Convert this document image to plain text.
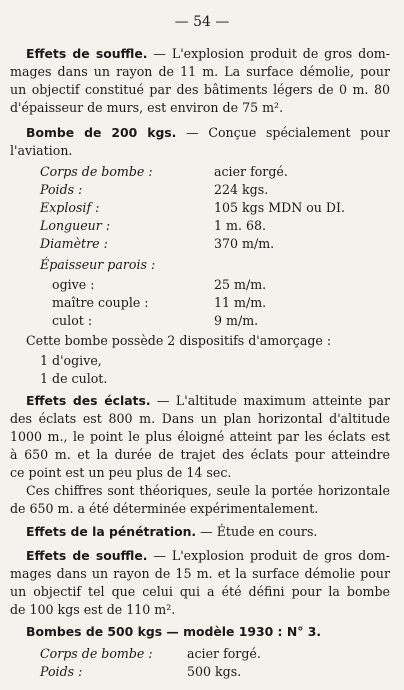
— 54 —
Effets de souffle. — L'explosion produit de gros dom-
mages dans un rayon de 11 m. La surface démolie, pour
un objectif constitué par des bâtiments légers de 0 m. 80
d'épaisseur de murs, est environ de 75 m².
Bombe de 200 kgs. — Conçue spécialement pour
l'aviation.
Corps de bombe :	acier forgé.
Poids :	224 kgs.
Explosif :	105 kgs MDN ou DI.
Longueur :	1 m. 68.
Diamètre :	370 m/m.
Épaisseur parois :
ogive :	25 m/m.
maître couple :	11 m/m.
culot :	9 m/m.
Cette bombe possède 2 dispositifs d'amorçage :
1 d'ogive,
1 de culot.
Effets des éclats. — L'altitude maximum atteinte par
des éclats est 800 m. Dans un plan horizontal d'altitude
1000 m., le point le plus éloigné atteint par les éclats est
à 650 m. et la durée de trajet des éclats pour atteindre
ce point est un peu plus de 14 sec.
Ces chiffres sont théoriques, seule la portée horizontale
de 650 m. a été déterminée expérimentalement.
Effets de la pénétration. — Étude en cours.
Effets de souffle. — L'explosion produit de gros dom-
mages dans un rayon de 15 m. et la surface démolie pour
un objectif tel que celui qui a été défini pour la bombe
de 100 kgs est de 110 m².
Bombes de 500 kgs — modèle 1930 : N° 3.
Corps de bombe :	acier forgé.
Poids :	500 kgs.
